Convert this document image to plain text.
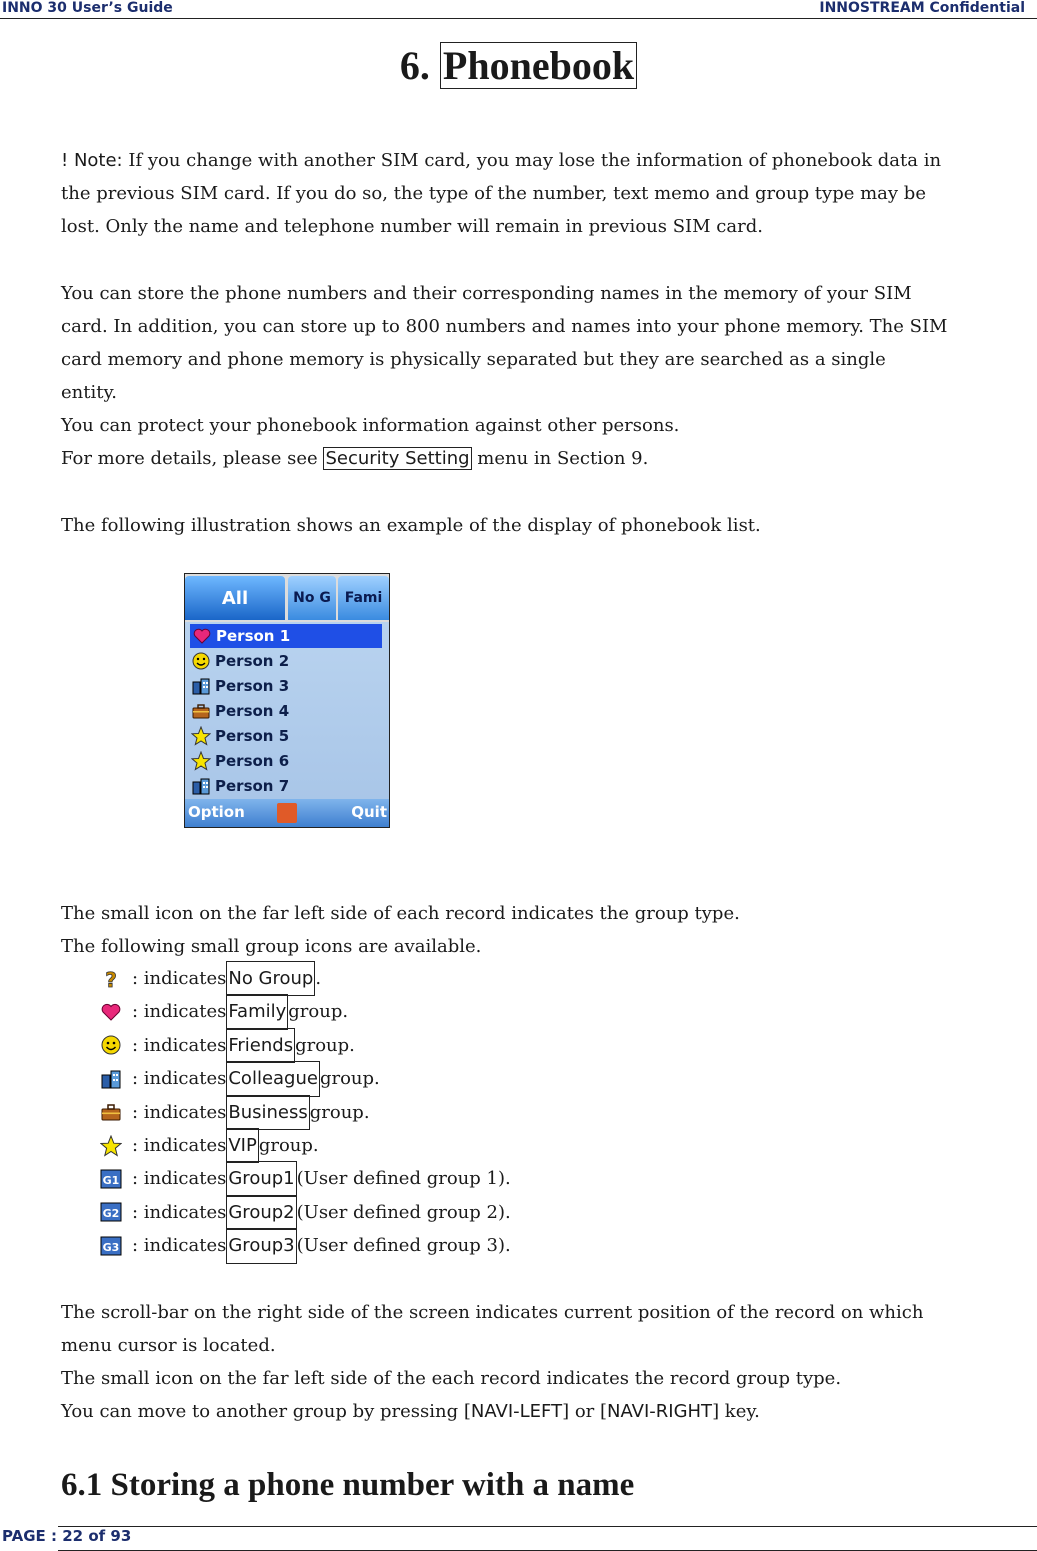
INNO 30 User’s Guide	INNOSTREAM Confidential
6. Phonebook
! Note: If you change with another SIM card, you may lose the information of phonebook data in
the previous SIM card. If you do so, the type of the number, text memo and group type may be
lost. Only the name and telephone number will remain in previous SIM card.
You can store the phone numbers and their corresponding names in the memory of your SIM
card. In addition, you can store up to 800 numbers and names into your phone memory. The SIM
card memory and phone memory is physically separated but they are searched as a single
entity.
You can protect your phonebook information against other persons.
For more details, please see Security Setting menu in Section 9.
The following illustration shows an example of the display of phonebook list.
All	No G Fami
Person 1
Person 2
Person 3
Person 4
Person 5
Person 6
Person 7
Option	Quit
The small icon on the far left side of each record indicates the group type.
The following small group icons are available.
? : indicates No Group .
: indicates Family group.
: indicates Friends group.
: indicates Colleague group.
: indicates Business group.
: indicates VIP group.
G1 : indicates Group1 (User defined group 1).
G2 : indicates Group2 (User defined group 2).
G3 : indicates Group3 (User defined group 3).
The scroll-bar on the right side of the screen indicates current position of the record on which
menu cursor is located.
The small icon on the far left side of the each record indicates the record group type.
You can move to another group by pressing [NAVI-LEFT] or [NAVI-RIGHT] key.
6.1 Storing a phone number with a name
PAGE : 22 of 93
